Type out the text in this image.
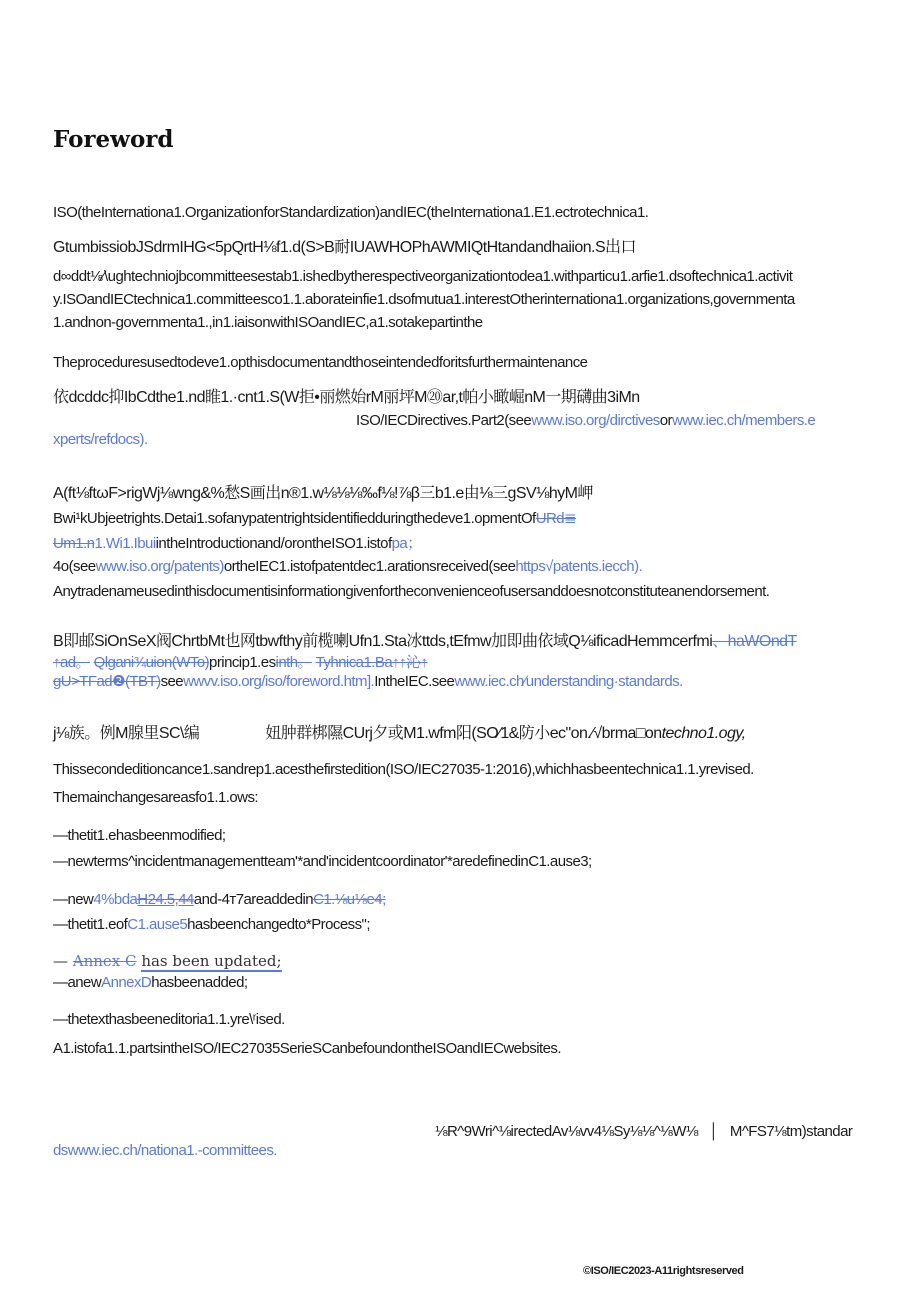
Foreword
ISO(theInternationa1.OrganizationforStandardization)andIEC(theInternationa1.E1.ectrotechnica1.
GtumbissiobJSdrmIHG<5pQrtH⅛f1.d(S>B耐IUAWHOPhAWMIQtHtandandhaiion.S出口
d∞ddt⅛∕\ughtechniojbcommitteesestab1.ishedbytherespectiveorganizationtodea1.withparticu1.arfie1.dsoftechnica1.activit
y.ISOandIECtechnica1.committeesco1.1.aborateinfie1.dsofmutua1.interestOtherinternationa1.organizations,governmenta
1.andnon-governmenta1.,in1.iaisonwithISOandIEC,a1.sotakepartinthe
Theproceduresusedtodeve1.opthisdocumentandthoseintendedforitsfurthermaintenance
依dcddc抑IbCdthe1.nd睢1.·cnt1.S(W拒•丽燃始rM丽坪M⑳ar,t帕小瞰崛nM一期礴曲3iMn
ISO/IECDirectives.Part2(seewww.iso.org/dirctivesorwww.iec.ch/members.e
xperts/refdocs).
A(ft⅛ftωF>rigWj⅛wng&%愁S画出n®1.w⅛⅛⅛‰f⅛!⅞β三b1.e由⅛三gSV⅛hyM岬
Bwi¹kUbjeetrights.Detai1.sofanypatentrightsidentifiedduringthedeve1.opmentOfURd≣
Um1.n1.Wi1.IbuiintheIntroductionand/orontheISO1.istofpa；
4o(seewww.iso.org/patents)ortheIEC1.istofpatentdec1.arationsreceived(seehttps√patents.iecch).
Anytradenameusedinthisdocumentisinformationgivenfortheconvenienceofusersanddoesnotconstituteanendorsement.
B即邮SiOnSeX阀ChrtbMt也网tbwfthy前榄喇Ufn1.Sta冰ttds,tEfmw加即曲依域Q⅛ificadHemmcerfmi、haWOndT
↑ad。 Qlgani¾uion(WTo)princip1.esinth。 Tyhnica1.Ba↑↑沁↑
gU>TFad❷(TBT)seewwvv.iso.org/iso/foreword.htm].IntheIEC.seewww.iec.ch∕understanding·standards.
j⅛族。例M腺里SC\编	妞肿群梆隰CUrj夕或M1.wfm阳(SO∕1&防小ec"on.∕√brma□ontechno1.ogy,
Thissecondeditioncance1.sandrep1.acesthefirstedition(ISO/IEC27035-1:2016),whichhasbeentechnica1.1.yrevised.
Themainchangesareasfo1.1.ows:
—thetit1.ehasbeenmodified;
—newterms^incidentmanagementteam'*and'incidentcoordinator'*aredefinedinC1.ause3;
—new4%bdaH24.5,44and-4т7areaddedinC1.⅛u⅛e4;
—thetit1.eofC1.ause5hasbeenchangedto*Process";
— Annex C has been updated;
—anewAnnexDhasbeenadded;
—thetexthasbeeneditoria1.1.yre\ʳised.
A1.istofa1.1.partsintheISO/IEC27035SerieSCanbefoundontheISOandIECwebsites.
⅛R^9Wri^⅛irectedAv⅛vv4⅛Sy⅛⅛^⅛W⅛ │ M^FS7⅛tm)standar
dswww.iec.ch/nationa1.-committees.
©ISO/IEC2023-A11rightsreserved
